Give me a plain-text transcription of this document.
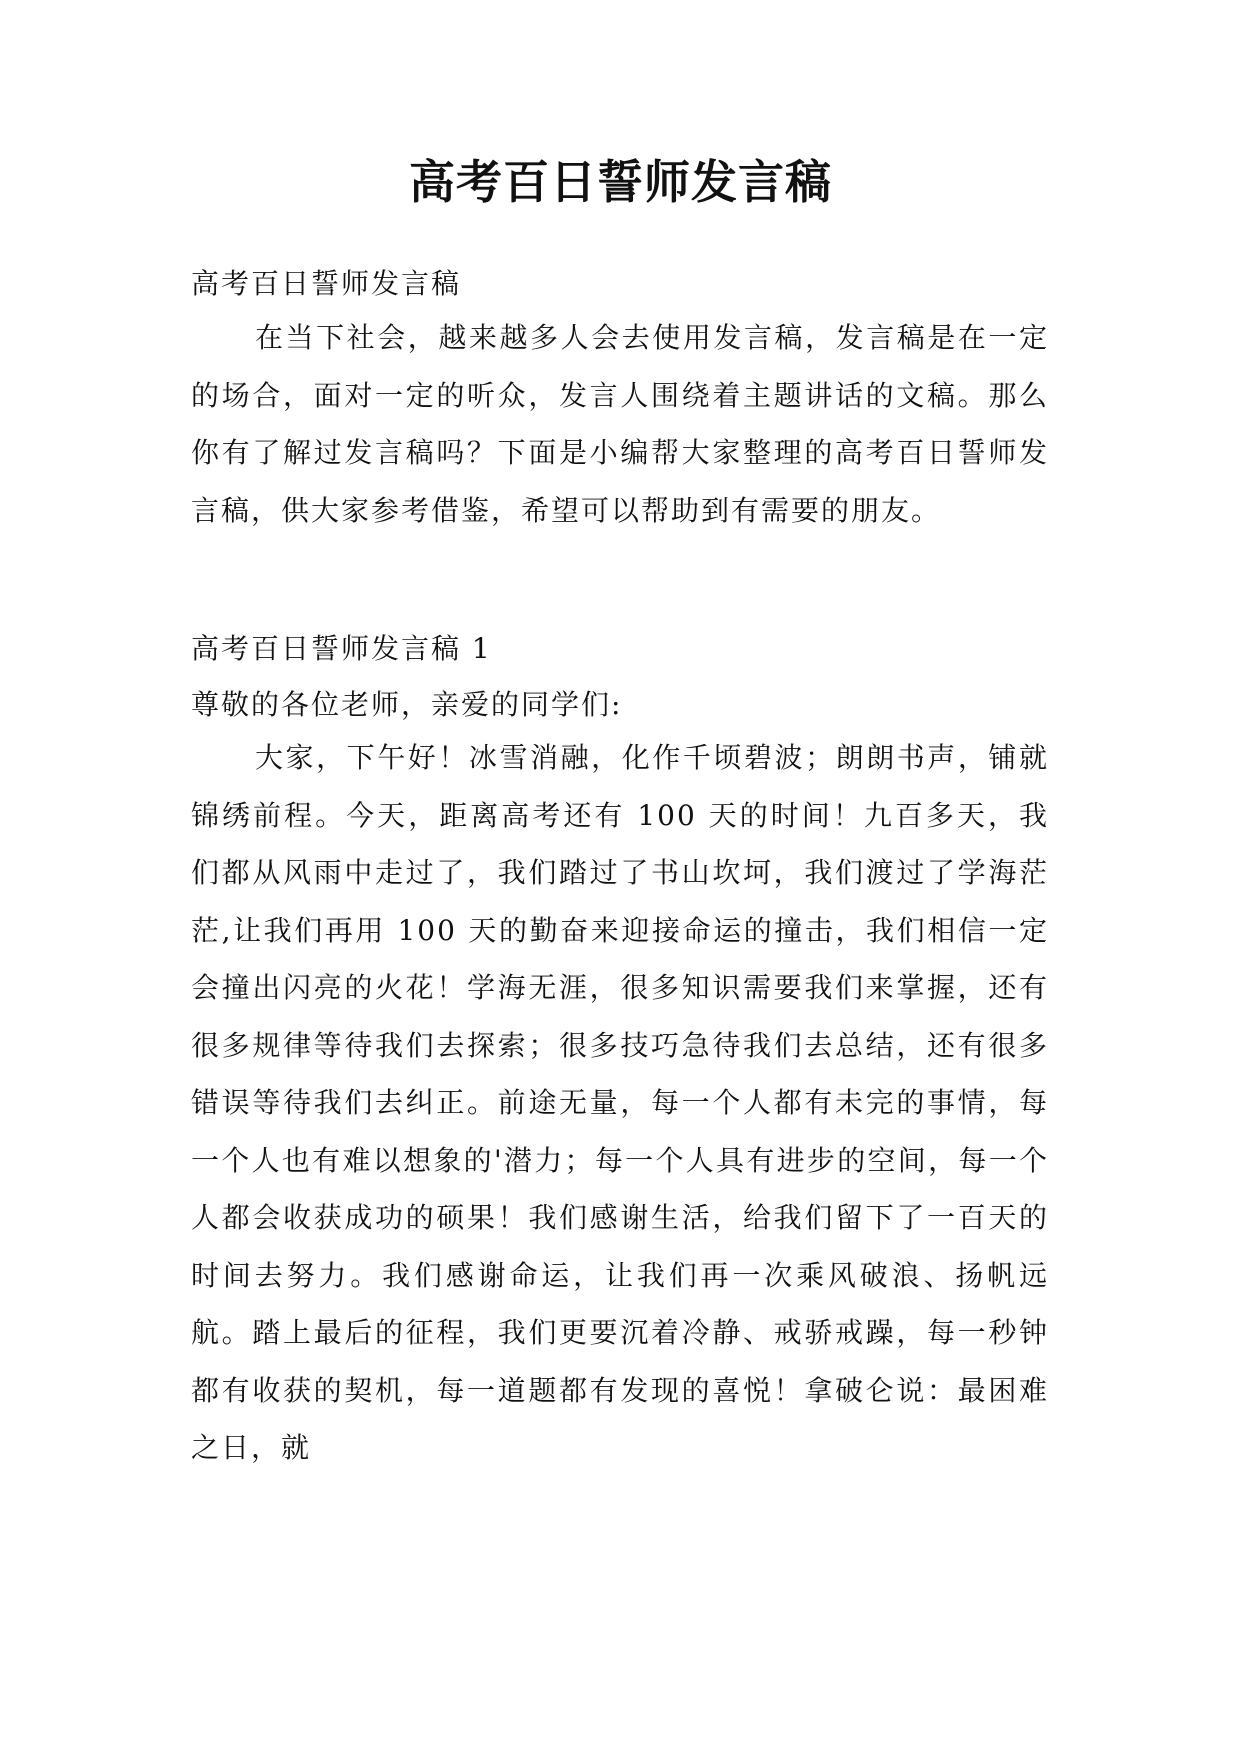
高考百日誓师发言稿

高考百日誓师发言稿

在当下社会，越来越多人会去使用发言稿，发言稿是在一定的场合，面对一定的听众，发言人围绕着主题讲话的文稿。那么你有了解过发言稿吗？下面是小编帮大家整理的高考百日誓师发言稿，供大家参考借鉴，希望可以帮助到有需要的朋友。

高考百日誓师发言稿 1

尊敬的各位老师，亲爱的同学们:

大家，下午好！冰雪消融，化作千顷碧波；朗朗书声，铺就锦绣前程。今天，距离高考还有 100 天的时间！九百多天，我们都从风雨中走过了，我们踏过了书山坎坷，我们渡过了学海茫茫,让我们再用 100 天的勤奋来迎接命运的撞击，我们相信一定会撞出闪亮的火花！学海无涯，很多知识需要我们来掌握，还有很多规律等待我们去探索；很多技巧急待我们去总结，还有很多错误等待我们去纠正。前途无量，每一个人都有未完的事情，每一个人也有难以想象的'潜力；每一个人具有进步的空间，每一个人都会收获成功的硕果！我们感谢生活，给我们留下了一百天的时间去努力。我们感谢命运，让我们再一次乘风破浪、扬帆远航。踏上最后的征程，我们更要沉着冷静、戒骄戒躁，每一秒钟都有收获的契机，每一道题都有发现的喜悦！拿破仑说：最困难之日，就
